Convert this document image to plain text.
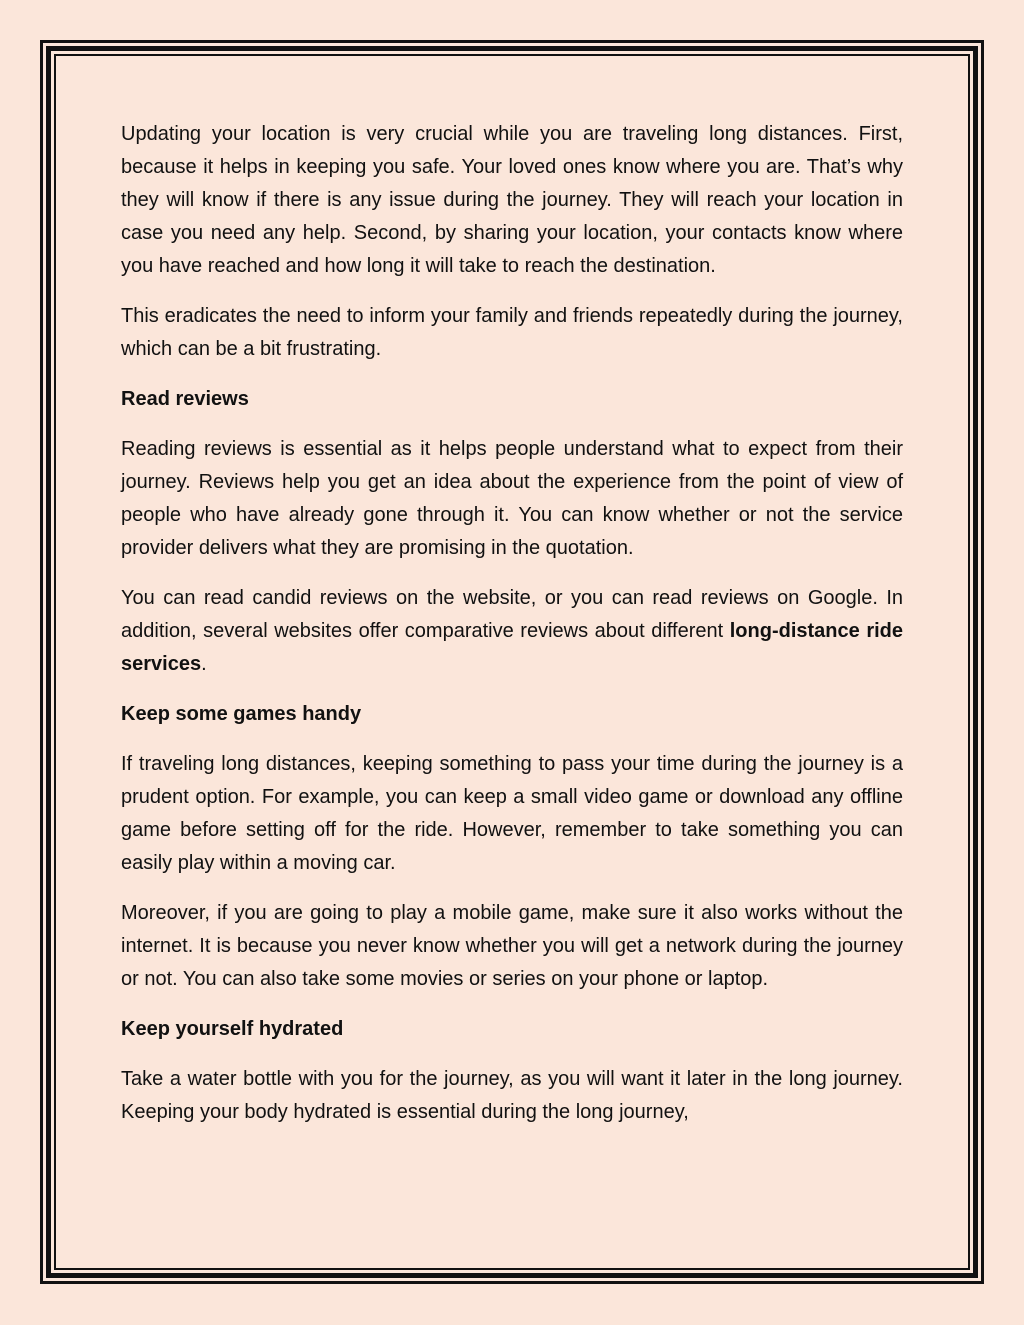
Updating your location is very crucial while you are traveling long distances. First, because it helps in keeping you safe. Your loved ones know where you are. That’s why they will know if there is any issue during the journey. They will reach your location in case you need any help. Second, by sharing your location, your contacts know where you have reached and how long it will take to reach the destination.

This eradicates the need to inform your family and friends repeatedly during the journey, which can be a bit frustrating.

Read reviews

Reading reviews is essential as it helps people understand what to expect from their journey. Reviews help you get an idea about the experience from the point of view of people who have already gone through it. You can know whether or not the service provider delivers what they are promising in the quotation.

You can read candid reviews on the website, or you can read reviews on Google. In addition, several websites offer comparative reviews about different long-distance ride services.

Keep some games handy

If traveling long distances, keeping something to pass your time during the journey is a prudent option. For example, you can keep a small video game or download any offline game before setting off for the ride. However, remember to take something you can easily play within a moving car.

Moreover, if you are going to play a mobile game, make sure it also works without the internet. It is because you never know whether you will get a network during the journey or not. You can also take some movies or series on your phone or laptop.

Keep yourself hydrated

Take a water bottle with you for the journey, as you will want it later in the long journey. Keeping your body hydrated is essential during the long journey,
